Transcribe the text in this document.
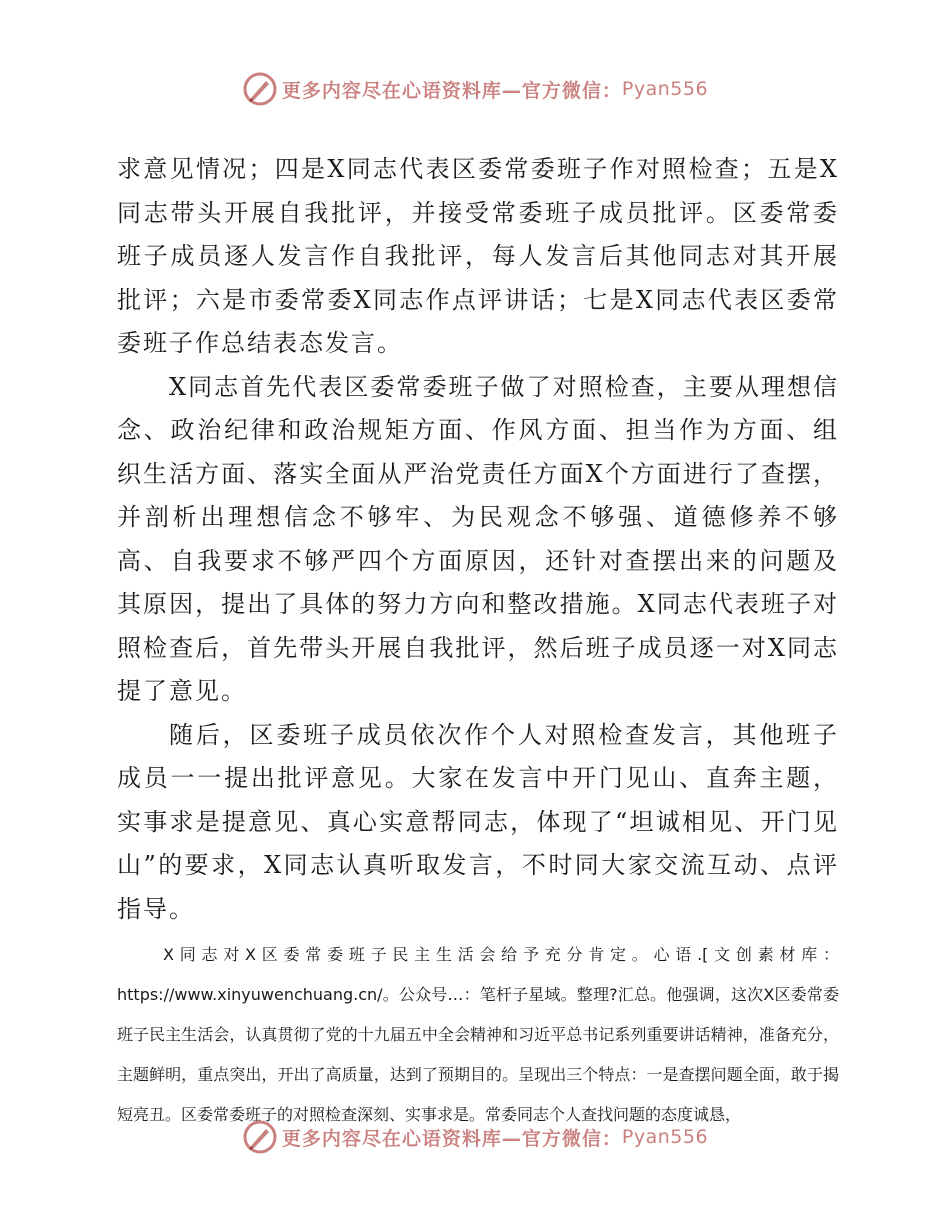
更多内容尽在心语资料库—官方微信： Pyan556

求意见情况；四是X同志代表区委常委班子作对照检查；五是X同志带头开展自我批评，并接受常委班子成员批评。区委常委班子成员逐人发言作自我批评，每人发言后其他同志对其开展批评；六是市委常委X同志作点评讲话；七是X同志代表区委常委班子作总结表态发言。

X同志首先代表区委常委班子做了对照检查，主要从理想信念、政治纪律和政治规矩方面、作风方面、担当作为方面、组织生活方面、落实全面从严治党责任方面X个方面进行了查摆，并剖析出理想信念不够牢、为民观念不够强、道德修养不够高、自我要求不够严四个方面原因，还针对查摆出来的问题及其原因，提出了具体的努力方向和整改措施。X同志代表班子对照检查后，首先带头开展自我批评，然后班子成员逐一对X同志提了意见。

随后，区委班子成员依次作个人对照检查发言，其他班子成员一一提出批评意见。大家在发言中开门见山、直奔主题，实事求是提意见、真心实意帮同志，体现了“坦诚相见、开门见山”的要求，X同志认真听取发言，不时同大家交流互动、点评指导。

X同志对X区委常委班子民主生活会给予充分肯定。心语.[文创素材库：https://www.xinyuwenchuang.cn/。公众号…：笔杆子星域。整理?汇总。他强调，这次X区委常委班子民主生活会，认真贯彻了党的十九届五中全会精神和习近平总书记系列重要讲话精神，准备充分，主题鲜明，重点突出，开出了高质量，达到了预期目的。呈现出三个特点：一是查摆问题全面，敢于揭短亮丑。区委常委班子的对照检查深刻、实事求是。常委同志个人查找问题的态度诚恳，

更多内容尽在心语资料库—官方微信： Pyan556
